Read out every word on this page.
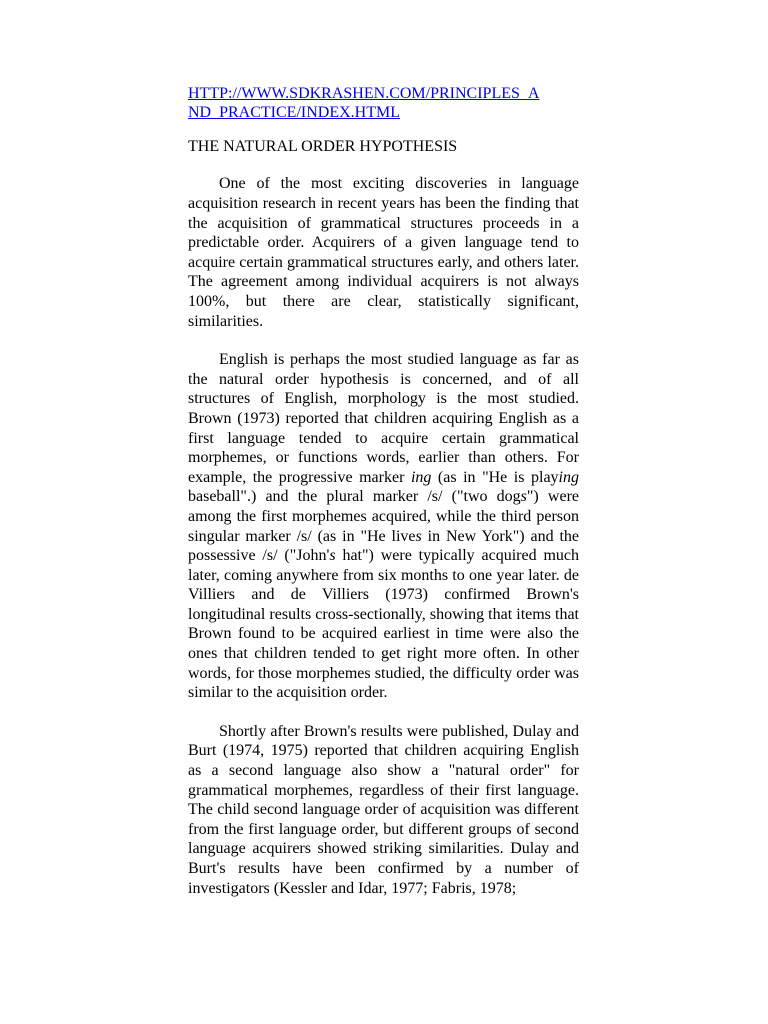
HTTP://WWW.SDKRASHEN.COM/PRINCIPLES_A
ND_PRACTICE/INDEX.HTML
THE NATURAL ORDER HYPOTHESIS

One of the most exciting discoveries in language acquisition research in recent years has been the finding that the acquisition of grammatical structures proceeds in a predictable order. Acquirers of a given language tend to acquire certain grammatical structures early, and others later. The agreement among individual acquirers is not always 100%, but there are clear, statistically significant, similarities.

English is perhaps the most studied language as far as the natural order hypothesis is concerned, and of all structures of English, morphology is the most studied. Brown (1973) reported that children acquiring English as a first language tended to acquire certain grammatical morphemes, or functions words, earlier than others. For example, the progressive marker ing (as in "He is playing baseball".) and the plural marker /s/ ("two dogs") were among the first morphemes acquired, while the third person singular marker /s/ (as in "He lives in New York") and the possessive /s/ ("John's hat") were typically acquired much later, coming anywhere from six months to one year later. de Villiers and de Villiers (1973) confirmed Brown's longitudinal results cross-sectionally, showing that items that Brown found to be acquired earliest in time were also the ones that children tended to get right more often. In other words, for those morphemes studied, the difficulty order was similar to the acquisition order.

Shortly after Brown's results were published, Dulay and Burt (1974, 1975) reported that children acquiring English as a second language also show a "natural order" for grammatical morphemes, regardless of their first language. The child second language order of acquisition was different from the first language order, but different groups of second language acquirers showed striking similarities. Dulay and Burt's results have been confirmed by a number of investigators (Kessler and Idar, 1977; Fabris, 1978;
